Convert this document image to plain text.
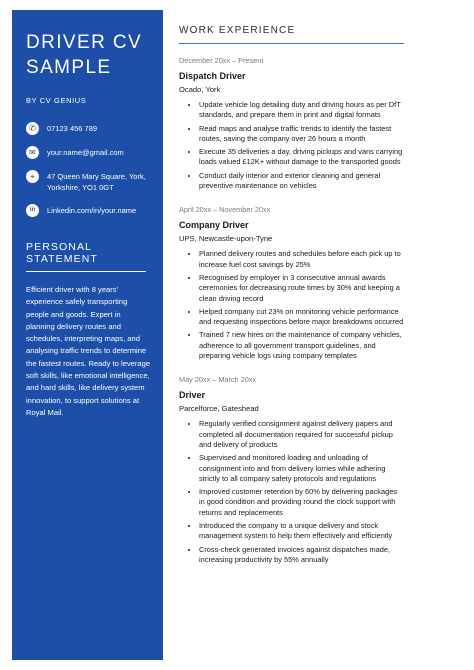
DRIVER CV
SAMPLE
BY CV GENIUS
✆	07123 456 789
✉	your.name@gmail.com
⌖	47 Queen Mary Square, York,
Yorkshire, YO1 0GT
in	Linkedin.com/in/your.name
PERSONAL STATEMENT

Efficient driver with 8 years’ experience safely transporting people and goods. Expert in planning delivery routes and schedules, interpreting maps, and analysing traffic trends to determine the fastest routes. Ready to leverage soft skills, like emotional intelligence, and hard skills, like delivery system innovation, to support solutions at Royal Mail.

WORK EXPERIENCE
December 20xx – Present
Dispatch Driver
Ocado, York
• Update vehicle log detailing duty and driving hours as per DfT standards, and prepare them in print and digital formats
• Read maps and analyse traffic trends to identify the fastest routes, saving the company over 26 hours a month
• Execute 35 deliveries a day, driving pickups and vans carrying loads valued £12K+ without damage to the transported goods
• Conduct daily interior and exterior cleaning and general preventive maintenance on vehicles
April 20xx – November 20xx
Company Driver
UPS, Newcastle-upon-Tyne
• Planned delivery routes and schedules before each pick up to increase fuel cost savings by 25%
• Recognised by employer in 3 consecutive annual awards ceremonies for decreasing route times by 30% and keeping a clean driving record
• Helped company cut 23% on monitoring vehicle performance and requesting inspections before major breakdowns occurred
• Trained 7 new hires on the maintenance of company vehicles, adherence to all government transport guidelines, and preparing vehicle logs using company templates
May 20xx – March 20xx
Driver
Parcelforce, Gateshead
• Regularly verified consignment against delivery papers and completed all documentation required for successful pickup and delivery of products
• Supervised and monitored loading and unloading of consignment into and from delivery lorries while adhering strictly to all company safety protocols and regulations
• Improved customer retention by 60% by delivering packages in good condition and providing round the clock support with returns and replacements
• Introduced the company to a unique delivery and stock management system to help them effectively and efficiently
• Cross-check generated invoices against dispatches made, increasing productivity by 55% annually
